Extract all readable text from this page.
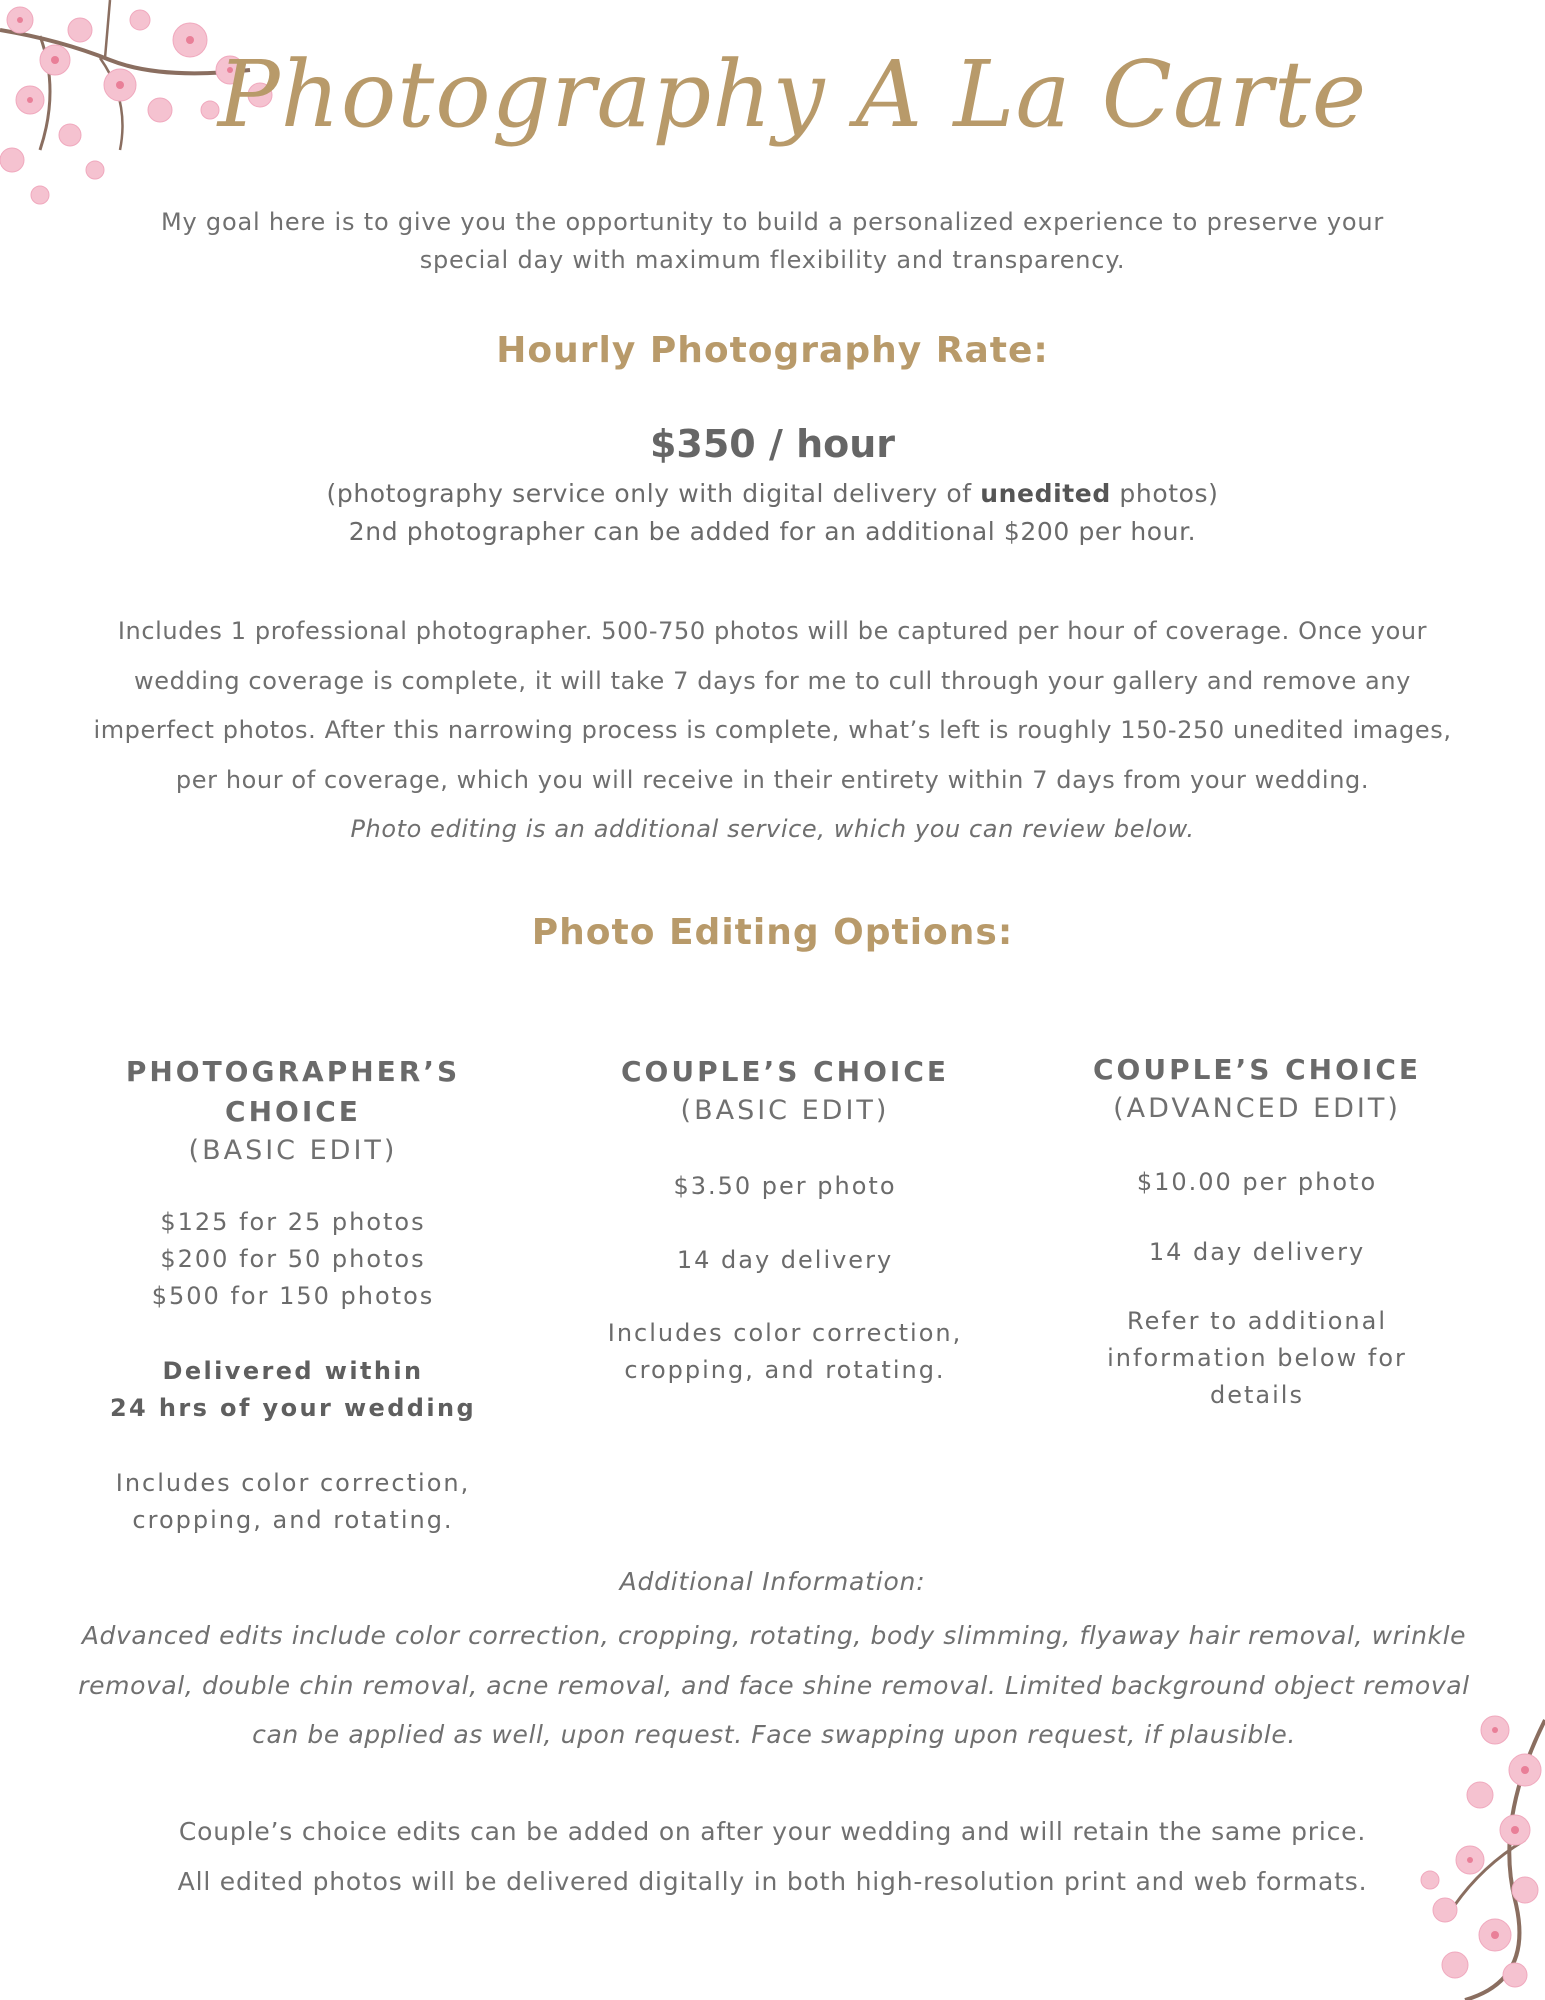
Photography A La Carte
My goal here is to give you the opportunity to build a personalized experience to preserve your special day with maximum flexibility and transparency.
Hourly Photography Rate:
$350 / hour
(photography service only with digital delivery of unedited photos)
2nd photographer can be added for an additional $200 per hour.
Includes 1 professional photographer. 500-750 photos will be captured per hour of coverage. Once your wedding coverage is complete, it will take 7 days for me to cull through your gallery and remove any imperfect photos. After this narrowing process is complete, what’s left is roughly 150-250 unedited images, per hour of coverage, which you will receive in their entirety within 7 days from your wedding.
Photo editing is an additional service, which you can review below.
Photo Editing Options:
PHOTOGRAPHER’S CHOICE
(BASIC EDIT)

$125 for 25 photos

$200 for 50 photos

$500 for 150 photos

Delivered within

24 hrs of your wedding

Includes color correction,

cropping, and rotating.

COUPLE’S CHOICE
(BASIC EDIT)

$3.50 per photo

14 day delivery

Includes color correction,

cropping, and rotating.

COUPLE’S CHOICE
(ADVANCED EDIT)

$10.00 per photo

14 day delivery

Refer to additional

information below for

details

Additional Information:
Advanced edits include color correction, cropping, rotating, body slimming, flyaway hair removal, wrinkle removal, double chin removal, acne removal, and face shine removal. Limited background object removal can be applied as well, upon request. Face swapping upon request, if plausible.
Couple’s choice edits can be added on after your wedding and will retain the same price.
All edited photos will be delivered digitally in both high-resolution print and web formats.
